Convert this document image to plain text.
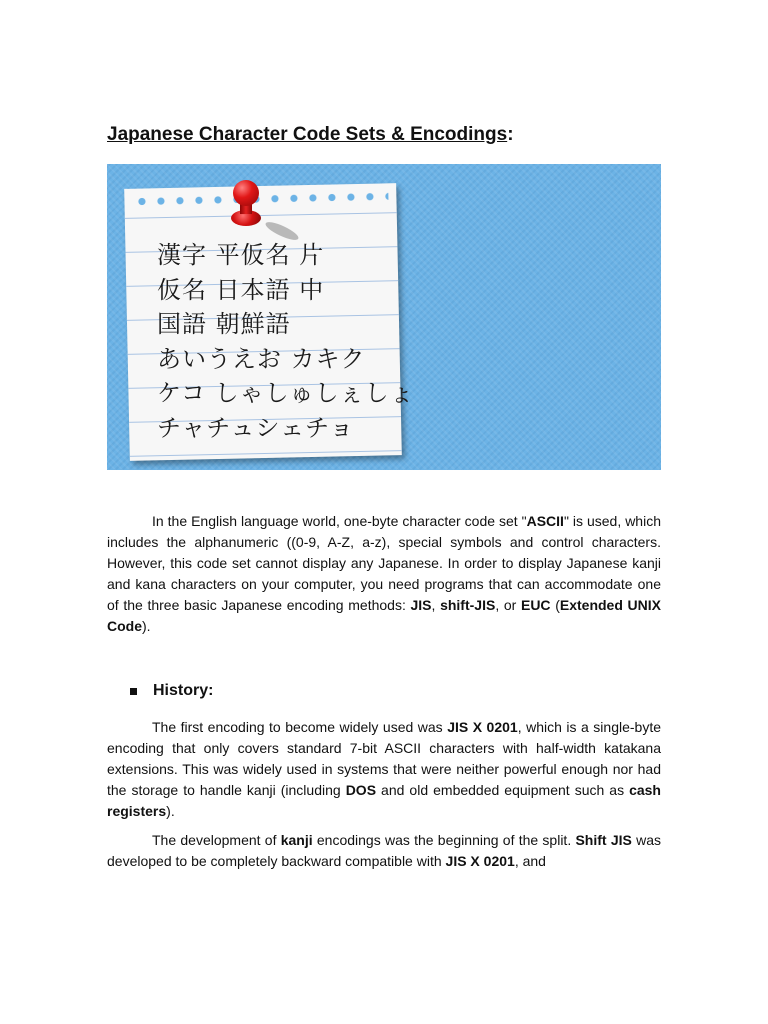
Japanese Character Code Sets & Encodings:
漢字 平仮名 片
仮名 日本語 中
国語 朝鮮語
あいうえお カキク
ケコ しゃしゅしぇしょ
チャチュシェチョ

In the English language world, one-byte character code set "ASCII" is used, which includes the alphanumeric ((0-9, A-Z, a-z), special symbols and control characters. However, this code set cannot display any Japanese. In order to display Japanese kanji and kana characters on your computer, you need programs that can accommodate one of the three basic Japanese encoding methods: JIS, shift-JIS, or EUC (Extended UNIX Code).

History:

The first encoding to become widely used was JIS X 0201, which is a single-byte encoding that only covers standard 7-bit ASCII characters with half-width katakana extensions. This was widely used in systems that were neither powerful enough nor had the storage to handle kanji (including DOS and old embedded equipment such as cash registers).

The development of kanji encodings was the beginning of the split. Shift JIS was developed to be completely backward compatible with JIS X 0201, and
